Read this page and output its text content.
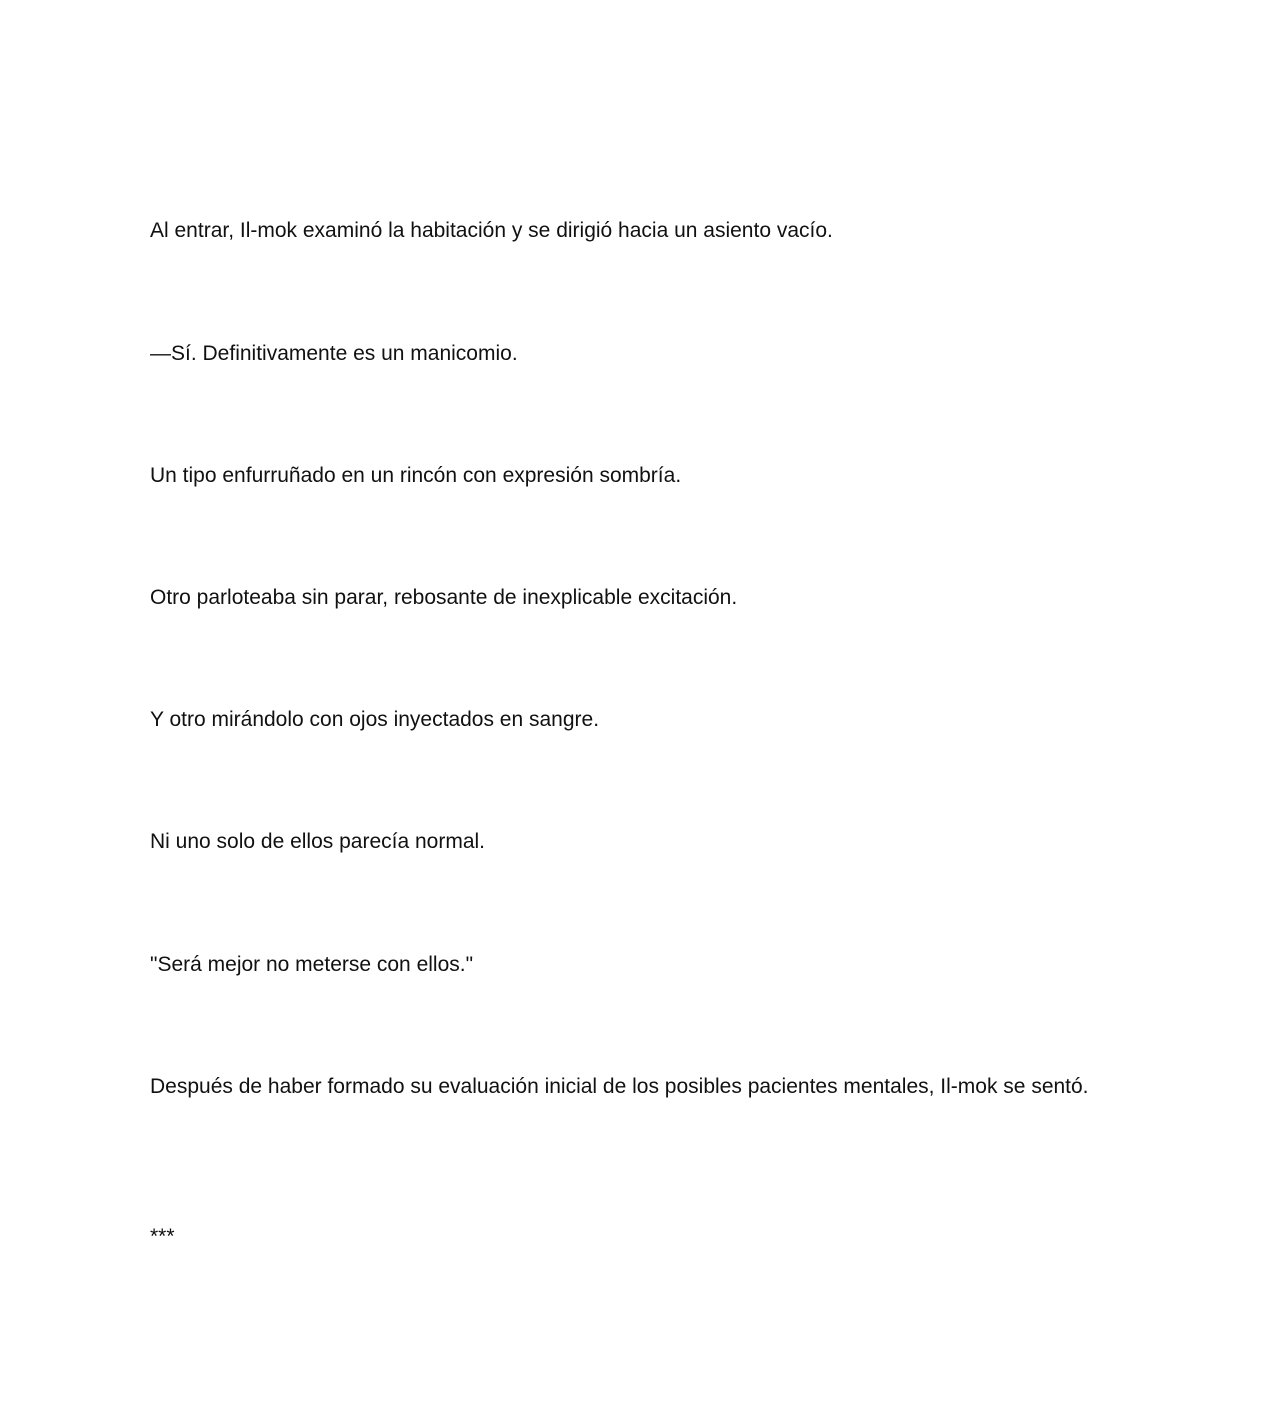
Al entrar, Il-mok examinó la habitación y se dirigió hacia un asiento vacío.

—Sí. Definitivamente es un manicomio.

Un tipo enfurruñado en un rincón con expresión sombría.

Otro parloteaba sin parar, rebosante de inexplicable excitación.

Y otro mirándolo con ojos inyectados en sangre.

Ni uno solo de ellos parecía normal.

"Será mejor no meterse con ellos."

Después de haber formado su evaluación inicial de los posibles pacientes mentales, Il-mok se sentó.

***
